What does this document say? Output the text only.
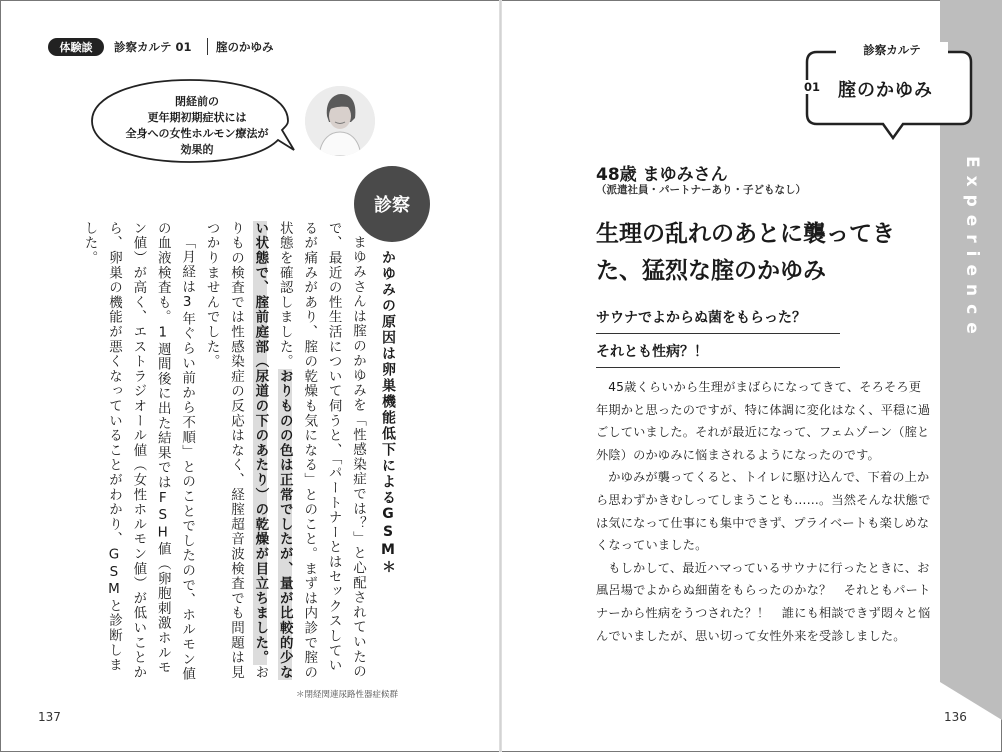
体験談	診察カルテ 01 腟のかゆみ
閉経前の
更年期初期症状には
全身への女性ホルモン療法が
効果的
診察
かゆみの原因は卵巣機能低下によるGSM＊

まゆみさんは腟のかゆみを「性感染症では？」と心配されていたので、最近の性生活について伺うと、「パートナーとはセックスしているが痛みがあり、腟の乾燥も気になる」とのこと。まずは内診で腟の状態を確認しました。おりものの色は正常でしたが、量が比較的少ない状態で、腟前庭部（尿道の下のあたり）の乾燥が目立ちました。おりもの検査では性感染症の反応はなく、経腟超音波検査でも問題は見つかりませんでした。

「月経は3年ぐらい前から不順」とのことでしたので、ホルモン値の血液検査も。1週間後に出た結果ではFSH値（卵胞刺激ホルモン値）が高く、エストラジオール値（女性ホルモン値）が低いことから、卵巣の機能が悪くなっていることがわかり、GSMと診断しました。

＊閉経関連尿路性器症候群
137
Experience
診察カルテ
01	腟のかゆみ
48歳 まゆみさん
（派遣社員・パートナーあり・子どもなし）
生理の乱れのあとに襲ってきた、猛烈な腟のかゆみ
サウナでよからぬ菌をもらった？
それとも性病？！

45歳くらいから生理がまばらになってきて、そろそろ更年期かと思ったのですが、特に体調に変化はなく、平穏に過ごしていました。それが最近になって、フェムゾーン（腟と外陰）のかゆみに悩まされるようになったのです。

かゆみが襲ってくると、トイレに駆け込んで、下着の上から思わずかきむしってしまうことも……。当然そんな状態では気になって仕事にも集中できず、プライベートも楽しめなくなっていました。

もしかして、最近ハマっているサウナに行ったときに、お風呂場でよからぬ細菌をもらったのかな？　それともパートナーから性病をうつされた？！　誰にも相談できず悶々と悩んでいましたが、思い切って女性外来を受診しました。

136
